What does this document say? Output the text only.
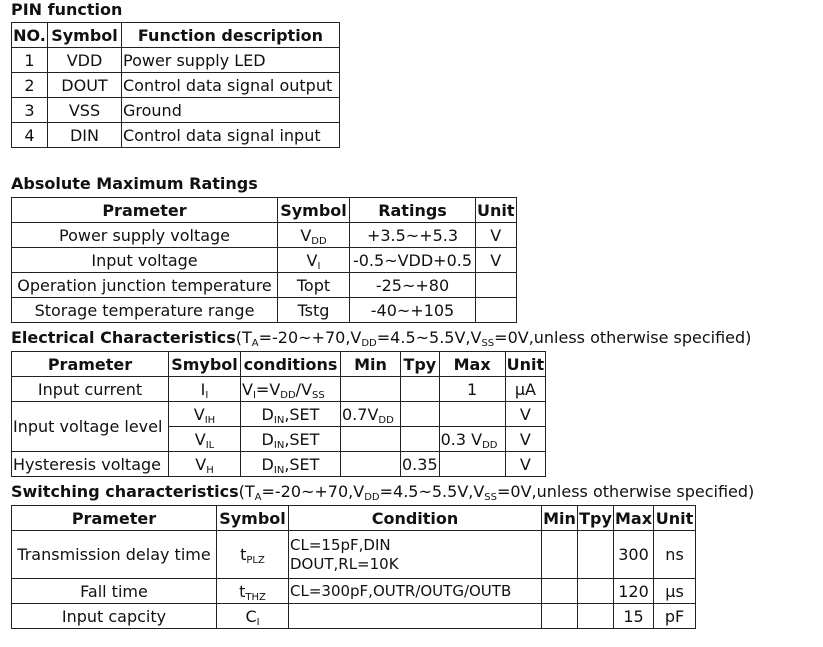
PIN function
NO.	Symbol	Function description
1	VDD	Power supply LED
2	DOUT	Control data signal output
3	VSS	Ground
4	DIN	Control data signal input
Absolute Maximum Ratings
Prameter	Symbol	Ratings	Unit
Power supply voltage	$V_{DD}$	+3.5~+5.3	V
Input voltage	$V_I$	-0.5~VDD+0.5	V
Operation junction temperature	Topt	-25~+80	
Storage temperature range	Tstg	-40~+105	
Electrical $Characteristics(T_A=-20\sim+70,V_{DD}=4.5\sim 5.5V,V_{SS}=0V,unless$ otherwise specified)
Prameter	Smybol	conditions	Min	Tpy	Max	Unit
Input current	$I_I$	$V_I=V_{DD}/V_{SS}$			1	μA
Input voltage level	$V_{IH}$	$D_{IN},SET$	$0.7V_{DD}$			V
	$V_{IL}$	$D_{IN},SET$			0.3 $V_{DD}$	V
Hysteresis voltage	$V_H$	$D_{IN},SET$		0.35		V
Switching $characteristics(T_A=-20\sim+70,V_{DD}=4.5\sim 5.5V,V_{SS}=0V,unless$ otherwise specified)
Prameter	Symbol	Condition	Min	Tpy	Max	Unit
Transmission delay time	$t_{PLZ}$	CL=15pF,DIN
DOUT,RL=10K			300	ns
Fall time	$t_{THZ}$	CL=300pF,OUTR/OUTG/OUTB			120	μs
Input capcity	$C_I$				15	pF
